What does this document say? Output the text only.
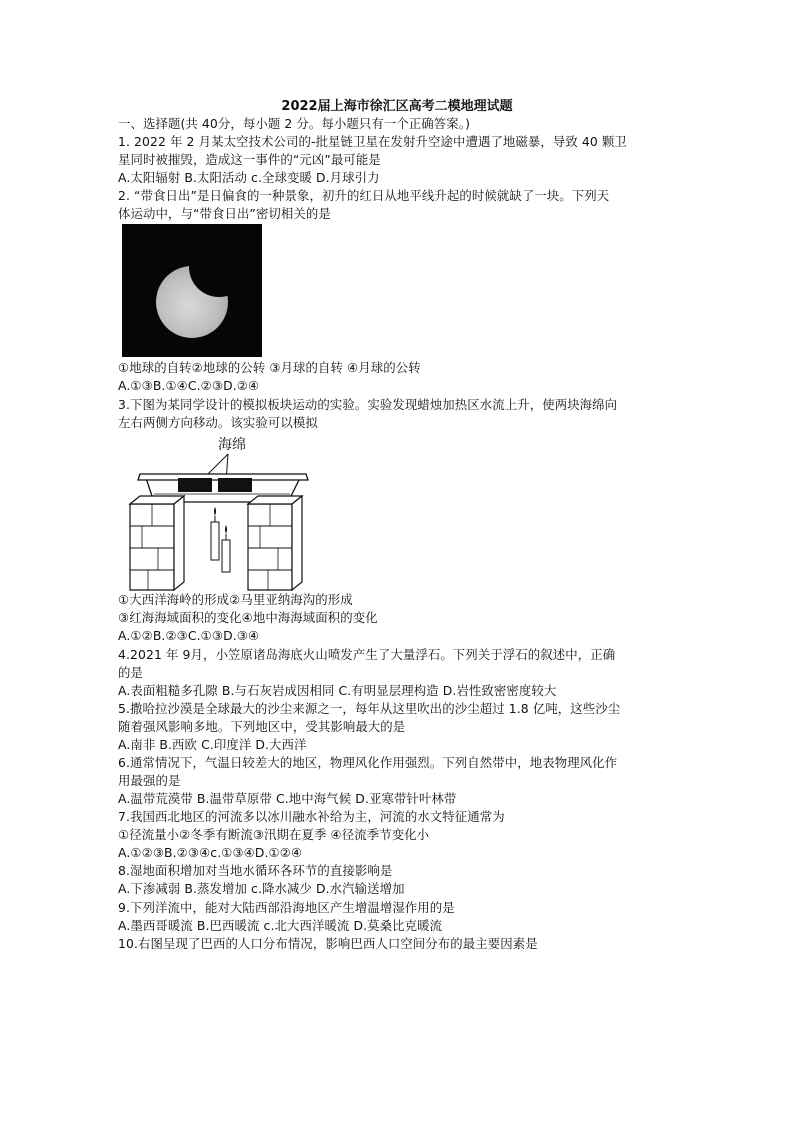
2022届上海市徐汇区高考二模地理试题
一、选择题(共 40分，每小题 2 分。每小题只有一个正确答案。)
1. 2022 年 2 月某太空技术公司的-批星链卫星在发射升空途中遭遇了地磁暴，导致 40 颗卫
星同时被摧毁，造成这一事件的“元凶”最可能是
A.太阳辐射 B.太阳活动 c.全球变暖 D.月球引力
2. “带食日出”是日偏食的一种景象，初升的红日从地平线升起的时候就缺了一块。下列天
体运动中，与“带食日出”密切相关的是
①地球的自转②地球的公转 ③月球的自转 ④月球的公转
A.①③B.①④C.②③D.②④
3.下图为某同学设计的模拟板块运动的实验。实验发现蜡烛加热区水流上升，使两块海绵向
左右两侧方向移动。该实验可以模拟
海绵
①大西洋海岭的形成②马里亚纳海沟的形成
③红海海域面积的变化④地中海海域面积的变化
A.①②B.②③C.①③D.③④
4.2021 年 9月，小笠原诸岛海底火山喷发产生了大量浮石。下列关于浮石的叙述中，正确
的是
A.表面粗糙多孔隙 B.与石灰岩成因相同 C.有明显层理构造 D.岩性致密密度较大
5.撒哈拉沙漠是全球最大的沙尘来源之一，每年从这里吹出的沙尘超过 1.8 亿吨，这些沙尘
随着强风影响多地。下列地区中，受其影响最大的是
A.南非 B.西欧 C.印度洋 D.大西洋
6.通常情况下，气温日较差大的地区，物理风化作用强烈。下列自然带中，地表物理风化作
用最强的是
A.温带荒漠带 B.温带草原带 C.地中海气候 D.亚寒带针叶林带
7.我国西北地区的河流多以冰川融水补给为主，河流的水文特征通常为
①径流量小②冬季有断流③汛期在夏季 ④径流季节变化小
A.①②③B.②③④c.①③④D.①②④
8.湿地面积增加对当地水循环各环节的直接影响是
A.下渗减弱 B.蒸发增加 c.降水减少 D.水汽输送增加
9.下列洋流中，能对大陆西部沿海地区产生增温增湿作用的是
A.墨西哥暖流 B.巴西暖流 c.北大西洋暖流 D.莫桑比克暖流
10.右图呈现了巴西的人口分布情况，影响巴西人口空间分布的最主要因素是
